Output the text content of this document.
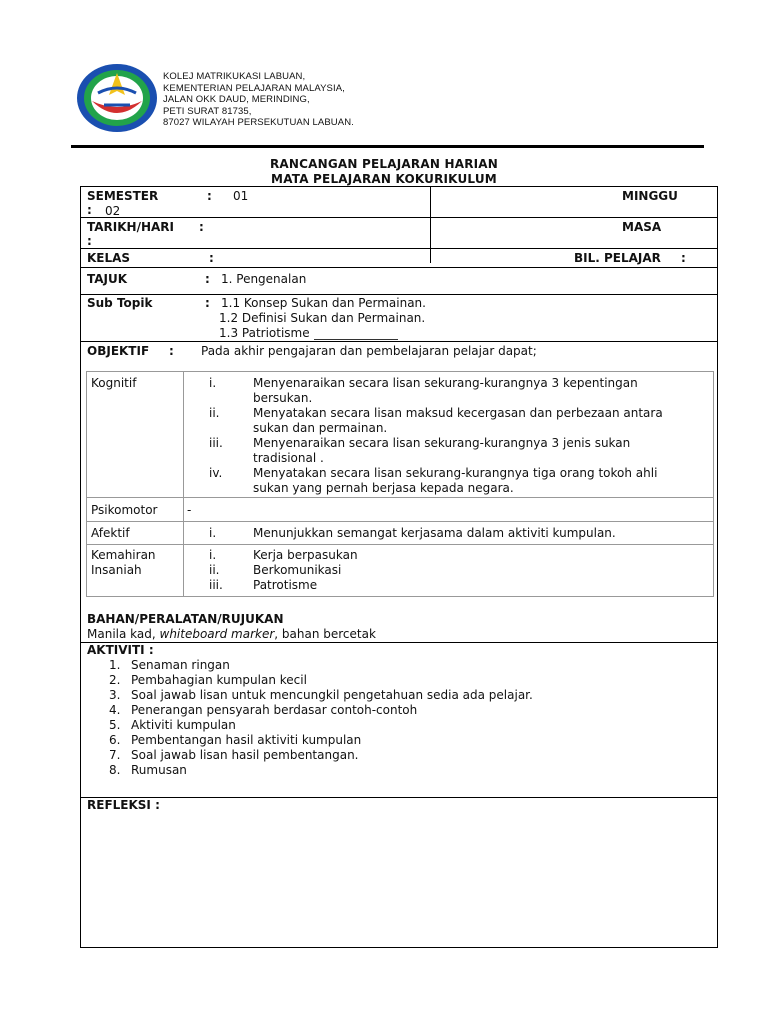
KOLEJ MATRIKUKASI LABUAN,
KEMENTERIAN PELAJARAN MALAYSIA,
JALAN OKK DAUD, MERINDING,
PETI SURAT 81735,
87027 WILAYAH PERSEKUTUAN LABUAN.
RANCANGAN PELAJARAN HARIAN
MATA PELAJARAN KOKURIKULUM
SEMESTER	: 01	MINGGU
: 02
TARIKH/HARI :	MASA
:
KELAS	:	BIL. PELAJAR :
TAJUK	: 1. Pengenalan
Sub Topik	: 1.1 Konsep Sukan dan Permainan.
1.2 Definisi Sukan dan Permainan.
1.3 Patriotisme
OBJEKTIF : Pada akhir pengajaran dan pembelajaran pelajar dapat;
Kognitif	i.	Menyenaraikan secara lisan sekurang-kurangnya 3 kepentingan bersukan.
ii.	Menyatakan secara lisan maksud kecergasan dan perbezaan antara sukan dan permainan.
iii.	Menyenaraikan secara lisan sekurang-kurangnya 3 jenis sukan tradisional .
iv.	Menyatakan secara lisan sekurang-kurangnya tiga orang tokoh ahli sukan yang pernah berjasa kepada negara.
Psikomotor -
Afektif	i.	Menunjukkan semangat kerjasama dalam aktiviti kumpulan.
Kemahiran
Insaniah
i.	Kerja berpasukan
ii.	Berkomunikasi
iii.	Patrotisme
BAHAN/PERALATAN/RUJUKAN
Manila kad, whiteboard marker, bahan bercetak
AKTIVITI :
1. Senaman ringan
2. Pembahagian kumpulan kecil
3. Soal jawab lisan untuk mencungkil pengetahuan sedia ada pelajar.
4. Penerangan pensyarah berdasar contoh-contoh
5. Aktiviti kumpulan
6. Pembentangan hasil aktiviti kumpulan
7. Soal jawab lisan hasil pembentangan.
8. Rumusan
REFLEKSI :
